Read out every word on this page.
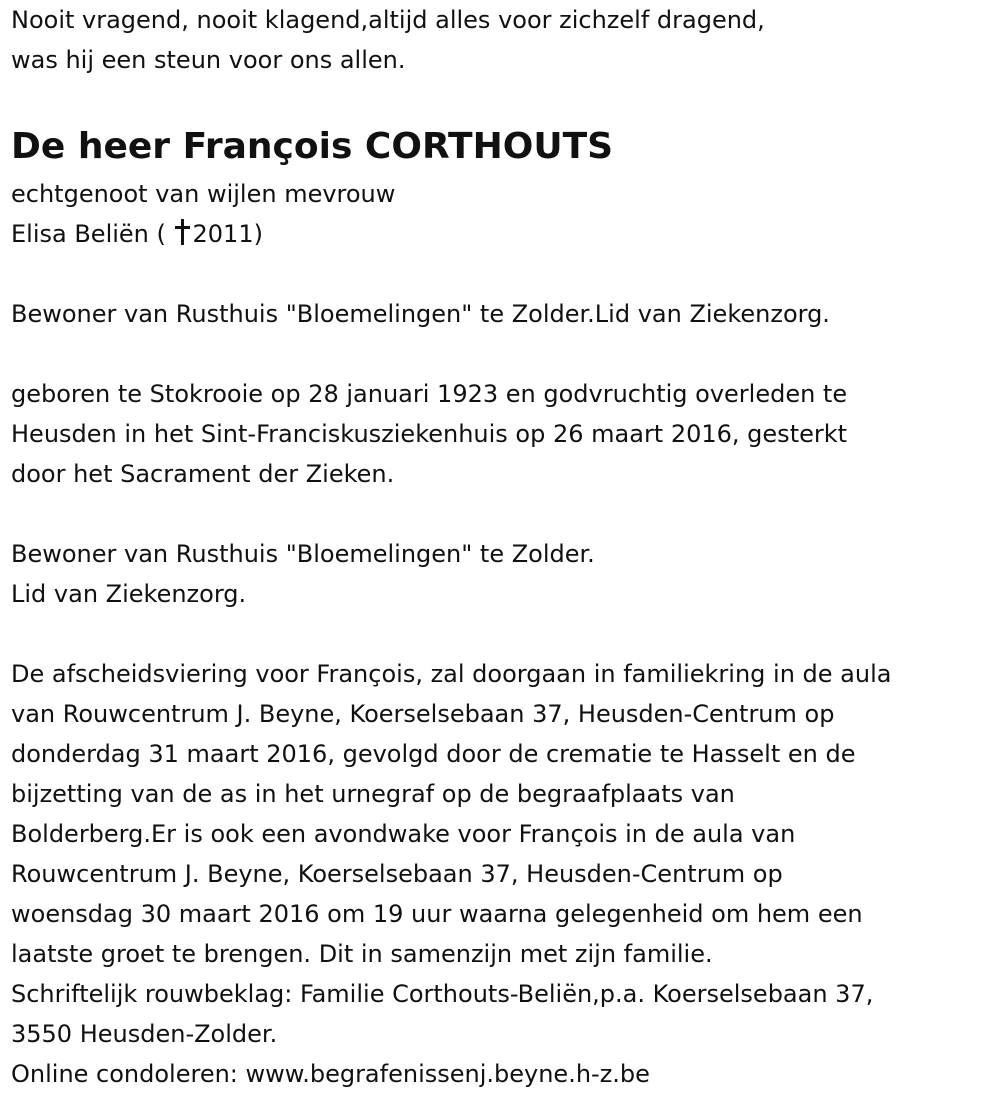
Nooit vragend, nooit klagend,altijd alles voor zichzelf dragend,
was hij een steun voor ons allen.
De heer François CORTHOUTS
echtgenoot van wijlen mevrouw
Elisa Beliën ( 2011)
Bewoner van Rusthuis "Bloemelingen" te Zolder.Lid van Ziekenzorg.
geboren te Stokrooie op 28 januari 1923 en godvruchtig overleden te
Heusden in het Sint-Franciskusziekenhuis op 26 maart 2016, gesterkt
door het Sacrament der Zieken.
Bewoner van Rusthuis "Bloemelingen" te Zolder.
Lid van Ziekenzorg.
De afscheidsviering voor François, zal doorgaan in familiekring in de aula
van Rouwcentrum J. Beyne, Koerselsebaan 37, Heusden-Centrum op
donderdag 31 maart 2016, gevolgd door de crematie te Hasselt en de
bijzetting van de as in het urnegraf op de begraafplaats van
Bolderberg.Er is ook een avondwake voor François in de aula van
Rouwcentrum J. Beyne, Koerselsebaan 37, Heusden-Centrum op
woensdag 30 maart 2016 om 19 uur waarna gelegenheid om hem een
laatste groet te brengen. Dit in samenzijn met zijn familie.
Schriftelijk rouwbeklag: Familie Corthouts-Beliën,p.a. Koerselsebaan 37,
3550 Heusden-Zolder.
Online condoleren: www.begrafenissenj.beyne.h-z.be
